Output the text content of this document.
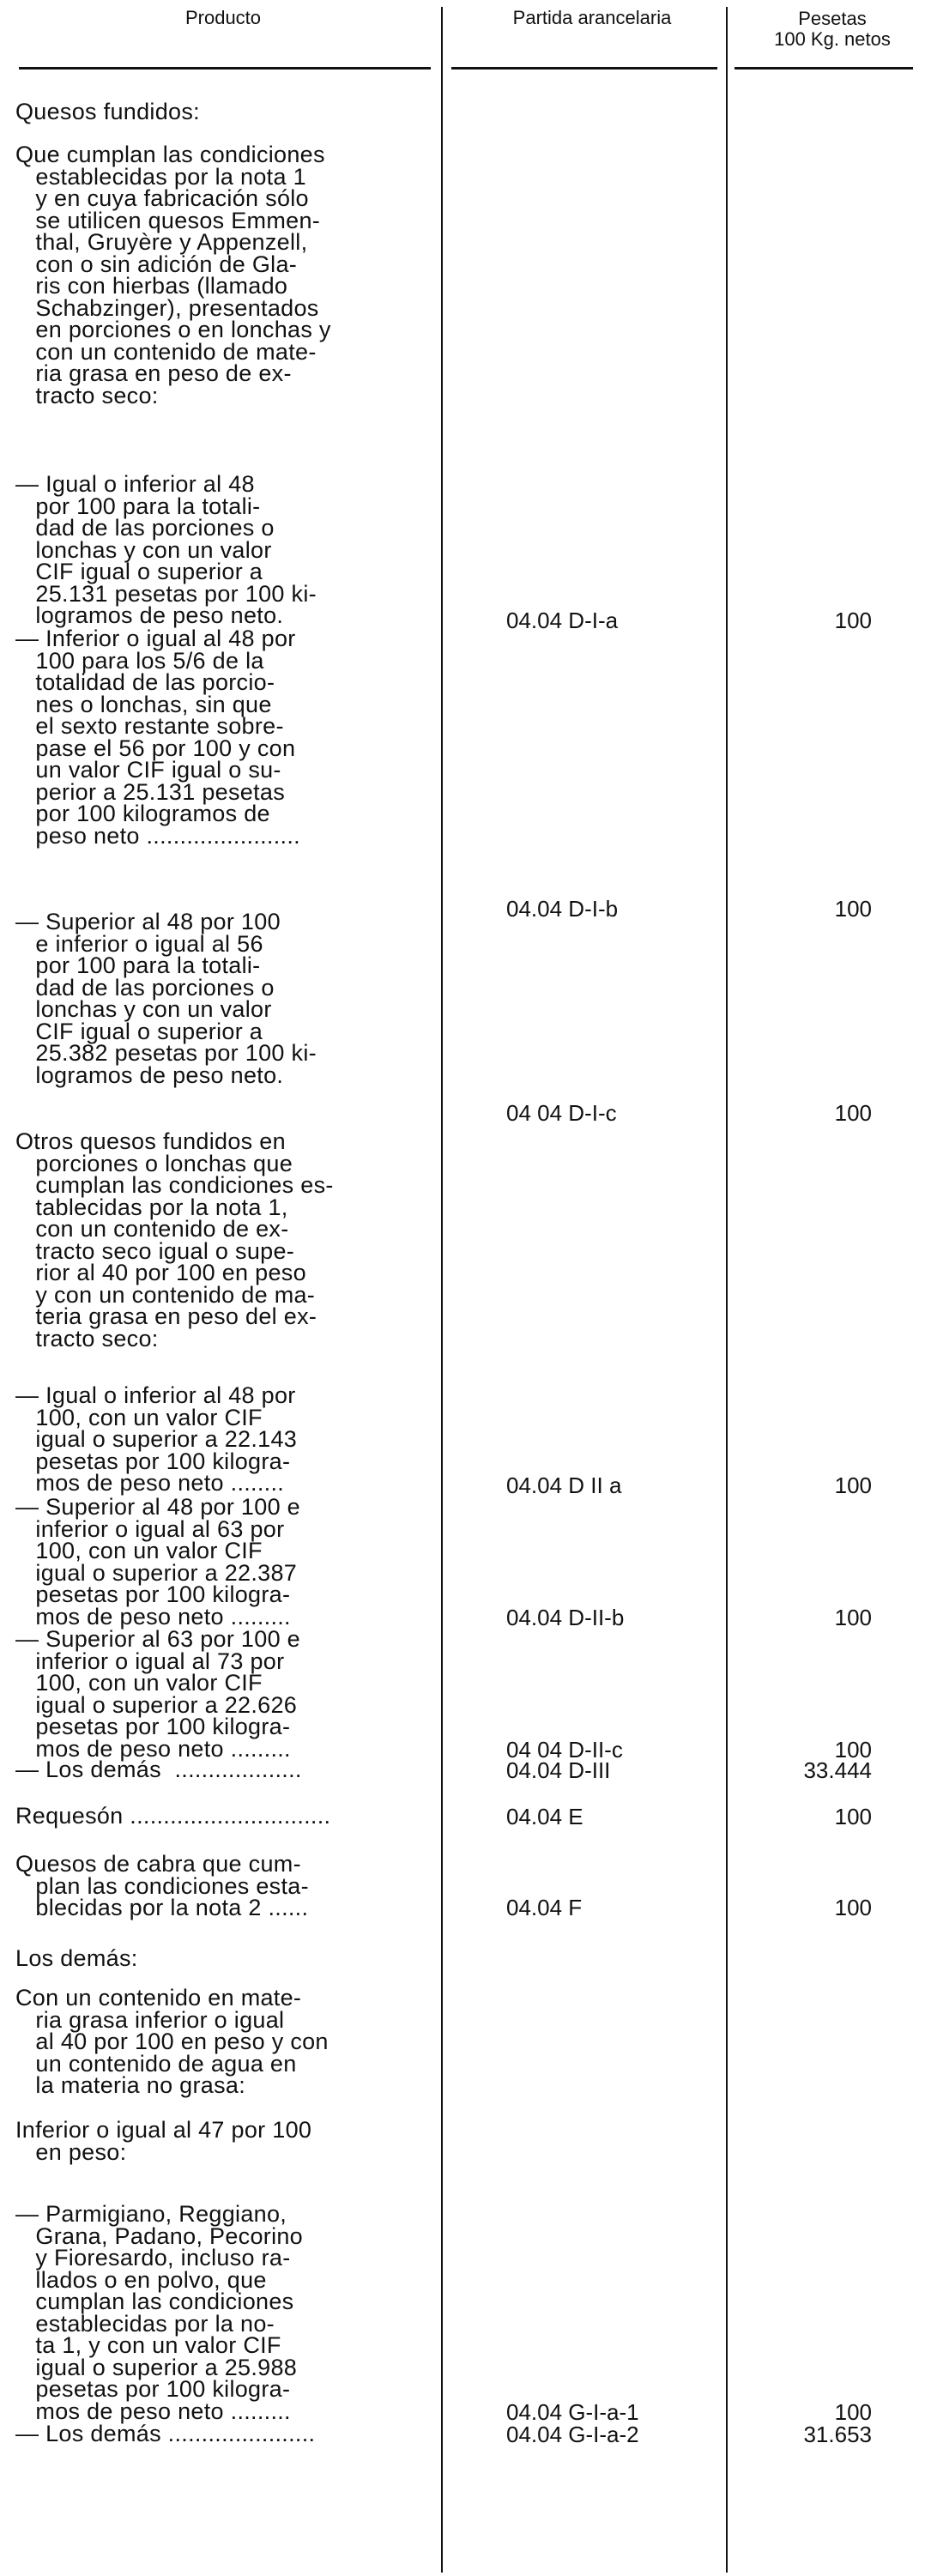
Producto	Partida arancelaria	Pesetas
100 Kg. netos
Quesos fundidos:
Que cumplan las condiciones
establecidas por la nota 1
y en cuya fabricación sólo
se utilicen quesos Emmen-
thal, Gruyère y Appenzell,
con o sin adición de Gla-
ris con hierbas (llamado
Schabzinger), presentados
en porciones o en lonchas y
con un contenido de mate-
ria grasa en peso de ex-
tracto seco:
— Igual o inferior al 48
por 100 para la totali-
dad de las porciones o
lonchas y con un valor
CIF igual o superior a
25.131 pesetas por 100 ki-
logramos de peso neto.
— Inferior o igual al 48 por
100 para los 5/6 de la
totalidad de las porcio-
nes o lonchas, sin que
el sexto restante sobre-
pase el 56 por 100 y con
un valor CIF igual o su-
perior a 25.131 pesetas
por 100 kilogramos de
peso neto .......................
— Superior al 48 por 100
e inferior o igual al 56
por 100 para la totali-
dad de las porciones o
lonchas y con un valor
CIF igual o superior a
25.382 pesetas por 100 ki-
logramos de peso neto.
Otros quesos fundidos en
porciones o lonchas que
cumplan las condiciones es-
tablecidas por la nota 1,
con un contenido de ex-
tracto seco igual o supe-
rior al 40 por 100 en peso
y con un contenido de ma-
teria grasa en peso del ex-
tracto seco:
— Igual o inferior al 48 por
100, con un valor CIF
igual o superior a 22.143
pesetas por 100 kilogra-
mos de peso neto ........
— Superior al 48 por 100 e
inferior o igual al 63 por
100, con un valor CIF
igual o superior a 22.387
pesetas por 100 kilogra-
mos de peso neto .........
— Superior al 63 por 100 e
inferior o igual al 73 por
100, con un valor CIF
igual o superior a 22.626
pesetas por 100 kilogra-
mos de peso neto .........
— Los demás  ...................
Requesón ..............................
Quesos de cabra que cum-
plan las condiciones esta-
blecidas por la nota 2 ......
Los demás:
Con un contenido en mate-
ria grasa inferior o igual
al 40 por 100 en peso y con
un contenido de agua en
la materia no grasa:
Inferior o igual al 47 por 100
en peso:
— Parmigiano, Reggiano,
Grana, Padano, Pecorino
y Fioresardo, incluso ra-
llados o en polvo, que
cumplan las condiciones
establecidas por la no-
ta 1, y con un valor CIF
igual o superior a 25.988
pesetas por 100 kilogra-
mos de peso neto .........
— Los demás ......................
04.04 D-I-a
04.04 D-I-b
04 04 D-I-c
04.04 D II a
04.04 D-II-b
04 04 D-II-c
04.04 D-III
04.04 E
04.04 F
04.04 G-I-a-1
04.04 G-I-a-2
100
100
100
100
100
100
33.444
100
100
100
31.653
